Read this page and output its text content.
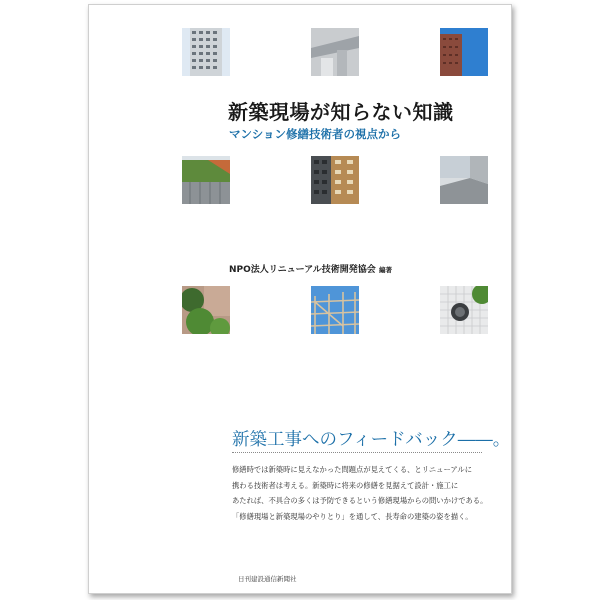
新築現場が知らない知識
マンション修繕技術者の視点から
NPO法人リニューアル技術開発協会 編著
新築工事へのフィードバック――。
修繕時では新築時に見えなかった問題点が見えてくる、とリニューアルに
携わる技術者は考える。新築時に将来の修繕を見据えて設計・施工に
あたれば、不具合の多くは予防できるという修繕現場からの問いかけである。
「修繕現場と新築現場のやりとり」を通して、長寿命の建築の姿を描く。
日刊建設通信新聞社
